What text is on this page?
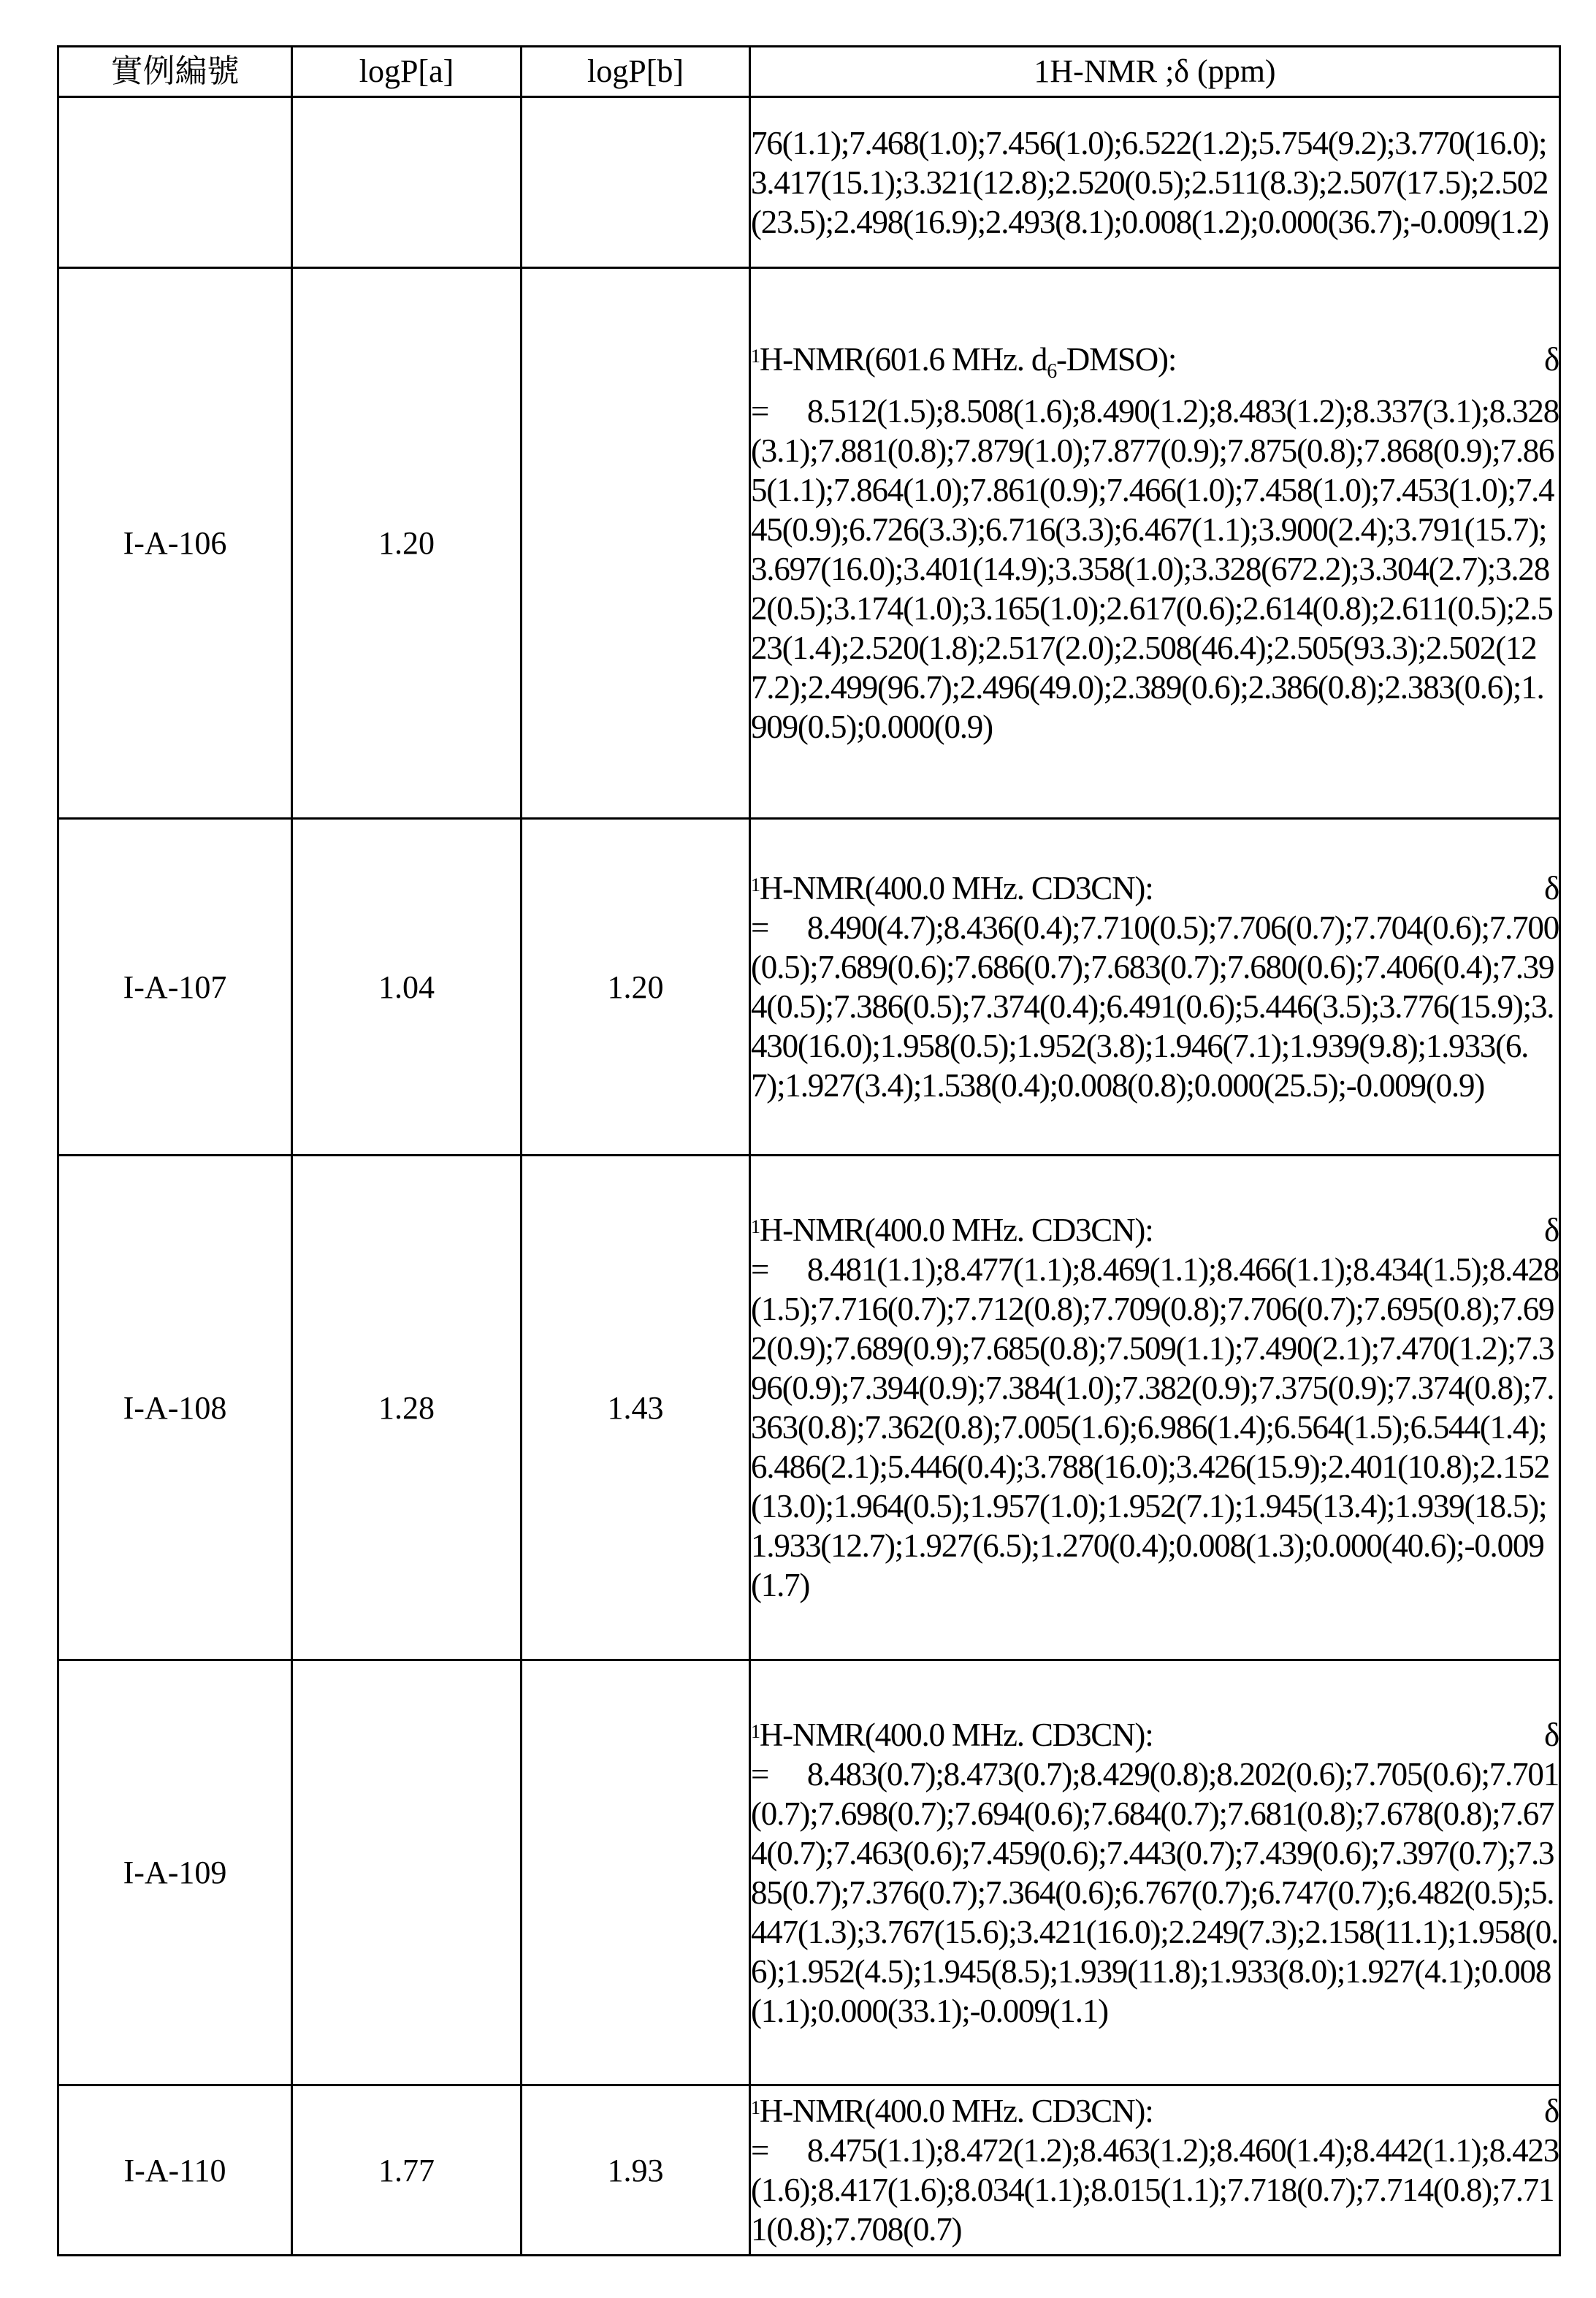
實例編號	logP[a]	logP[b]	1H-NMR ;δ (ppm)
			76(1.1);7.468(1.0);7.456(1.0);6.522(1.2);5.754(9.2);3.770(16.0);3.417(15.1);3.321(12.8);2.520(0.5);2.511(8.3);2.507(17.5);2.502(23.5);2.498(16.9);2.493(8.1);0.008(1.2);0.000(36.7);-0.009(1.2)
I-A-106	1.20		$^1$H-NMR(601.6 MHz. $d_6-DMSO$): δ
= 8.512(1.5);8.508(1.6);8.490(1.2);8.483(1.2);8.337(3.1);8.328(3.1);7.881(0.8);7.879(1.0);7.877(0.9);7.875(0.8);7.868(0.9);7.865(1.1);7.864(1.0);7.861(0.9);7.466(1.0);7.458(1.0);7.453(1.0);7.445(0.9);6.726(3.3);6.716(3.3);6.467(1.1);3.900(2.4);3.791(15.7);3.697(16.0);3.401(14.9);3.358(1.0);3.328(672.2);3.304(2.7);3.282(0.5);3.174(1.0);3.165(1.0);2.617(0.6);2.614(0.8);2.611(0.5);2.523(1.4);2.520(1.8);2.517(2.0);2.508(46.4);2.505(93.3);2.502(127.2);2.499(96.7);2.496(49.0);2.389(0.6);2.386(0.8);2.383(0.6);1.909(0.5);0.000(0.9)
I-A-107	1.04	1.20	$^1$H-NMR(400.0 MHz. CD3CN): δ
= 8.490(4.7);8.436(0.4);7.710(0.5);7.706(0.7);7.704(0.6);7.700(0.5);7.689(0.6);7.686(0.7);7.683(0.7);7.680(0.6);7.406(0.4);7.394(0.5);7.386(0.5);7.374(0.4);6.491(0.6);5.446(3.5);3.776(15.9);3.430(16.0);1.958(0.5);1.952(3.8);1.946(7.1);1.939(9.8);1.933(6.7);1.927(3.4);1.538(0.4);0.008(0.8);0.000(25.5);-0.009(0.9)
I-A-108	1.28	1.43	$^1$H-NMR(400.0 MHz. CD3CN): δ
= 8.481(1.1);8.477(1.1);8.469(1.1);8.466(1.1);8.434(1.5);8.428(1.5);7.716(0.7);7.712(0.8);7.709(0.8);7.706(0.7);7.695(0.8);7.692(0.9);7.689(0.9);7.685(0.8);7.509(1.1);7.490(2.1);7.470(1.2);7.396(0.9);7.394(0.9);7.384(1.0);7.382(0.9);7.375(0.9);7.374(0.8);7.363(0.8);7.362(0.8);7.005(1.6);6.986(1.4);6.564(1.5);6.544(1.4);6.486(2.1);5.446(0.4);3.788(16.0);3.426(15.9);2.401(10.8);2.152(13.0);1.964(0.5);1.957(1.0);1.952(7.1);1.945(13.4);1.939(18.5);1.933(12.7);1.927(6.5);1.270(0.4);0.008(1.3);0.000(40.6);-0.009(1.7)
I-A-109			$^1$H-NMR(400.0 MHz. CD3CN): δ
= 8.483(0.7);8.473(0.7);8.429(0.8);8.202(0.6);7.705(0.6);7.701(0.7);7.698(0.7);7.694(0.6);7.684(0.7);7.681(0.8);7.678(0.8);7.674(0.7);7.463(0.6);7.459(0.6);7.443(0.7);7.439(0.6);7.397(0.7);7.385(0.7);7.376(0.7);7.364(0.6);6.767(0.7);6.747(0.7);6.482(0.5);5.447(1.3);3.767(15.6);3.421(16.0);2.249(7.3);2.158(11.1);1.958(0.6);1.952(4.5);1.945(8.5);1.939(11.8);1.933(8.0);1.927(4.1);0.008(1.1);0.000(33.1);-0.009(1.1)
I-A-110	1.77	1.93	$^1$H-NMR(400.0 MHz. CD3CN): δ
= 8.475(1.1);8.472(1.2);8.463(1.2);8.460(1.4);8.442(1.1);8.423(1.6);8.417(1.6);8.034(1.1);8.015(1.1);7.718(0.7);7.714(0.8);7.711(0.8);7.708(0.7)
